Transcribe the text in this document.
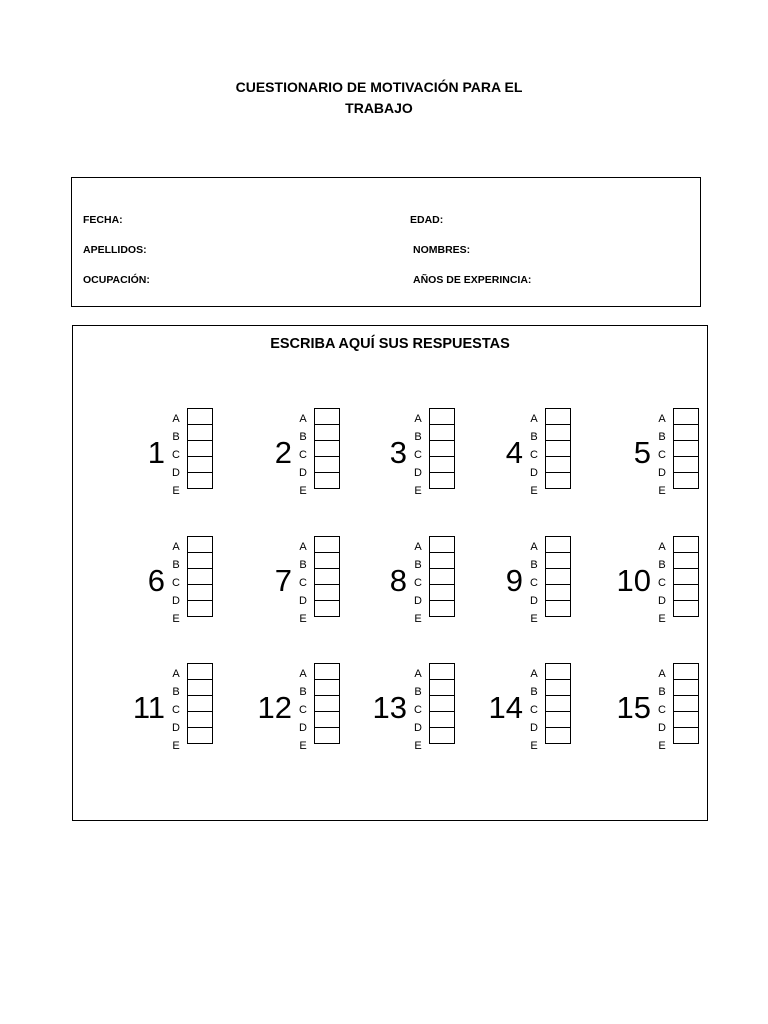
CUESTIONARIO DE MOTIVACIÓN PARA EL
TRABAJO
FECHA:	EDAD:
APELLIDOS:	NOMBRES:
OCUPACIÓN:	AÑOS DE EXPERINCIA:
ESCRIBA AQUÍ SUS RESPUESTAS
1
A
B
C
D
E
2
A
B
C
D
E
3
A
B
C
D
E
4
A
B
C
D
E
5
A
B
C
D
E
6
A
B
C
D
E
7
A
B
C
D
E
8
A
B
C
D
E
9
A
B
C
D
E
10
A
B
C
D
E
11
A
B
C
D
E
12
A
B
C
D
E
13
A
B
C
D
E
14
A
B
C
D
E
15
A
B
C
D
E
